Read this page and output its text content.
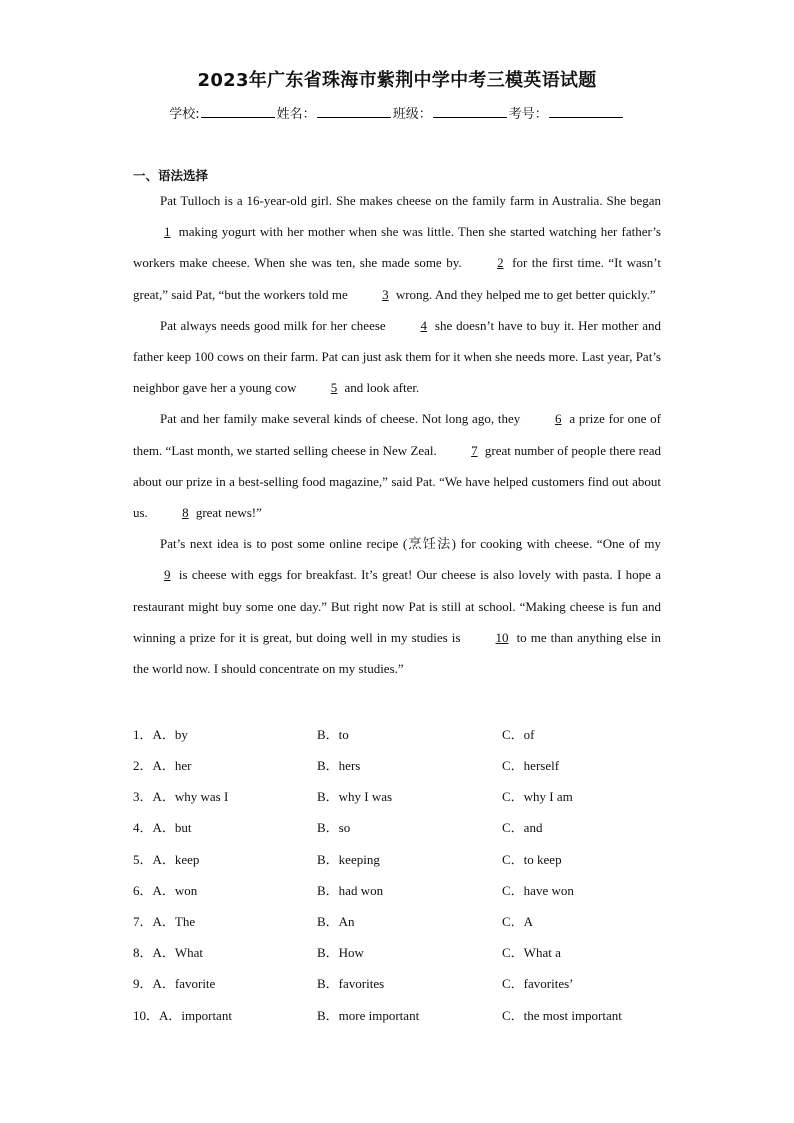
2023年广东省珠海市紫荆中学中考三模英语试题
学校:	姓名：	班级：	考号：
一、语法选择

Pat Tulloch is a 16-year-old girl. She makes cheese on the family farm in Australia. She began 1 making yogurt with her mother when she was little. Then she started watching her father’s workers make cheese. When she was ten, she made some by.	2 for the first time. “It wasn’t great,” said Pat, “but the workers told me	3 wrong. And they helped me to get better quickly.”

Pat always needs good milk for her cheese	4 she doesn’t have to buy it. Her mother and father keep 100 cows on their farm. Pat can just ask them for it when she needs more. Last year, Pat’s neighbor gave her a young cow	5 and look after.

Pat and her family make several kinds of cheese. Not long ago, they	6 a prize for one of them. “Last month, we started selling cheese in New Zeal.	7 great number of people there read about our prize in a best-selling food magazine,” said Pat. “We have helped customers find out about us.	8 great news!”

Pat’s next idea is to post some online recipe (烹饪法) for cooking with cheese. “One of my 9 is cheese with eggs for breakfast. It’s great! Our cheese is also lovely with pasta. I hope a restaurant might buy some one day.” But right now Pat is still at school. “Making cheese is fun and winning a prize for it is great, but doing well in my studies is	10 to me than anything else in the world now. I should concentrate on my studies.”

1．A．by	B．to	C．of
2．A．her	B．hers	C．herself
3．A．why was I	B．why I was	C．why I am
4．A．but	B．so	C．and
5．A．keep	B．keeping	C．to keep
6．A．won	B．had won	C．have won
7．A．The	B．An	C．A
8．A．What	B．How	C．What a
9．A．favorite	B．favorites	C．favorites’
10．A．important	B．more important	C．the most important
